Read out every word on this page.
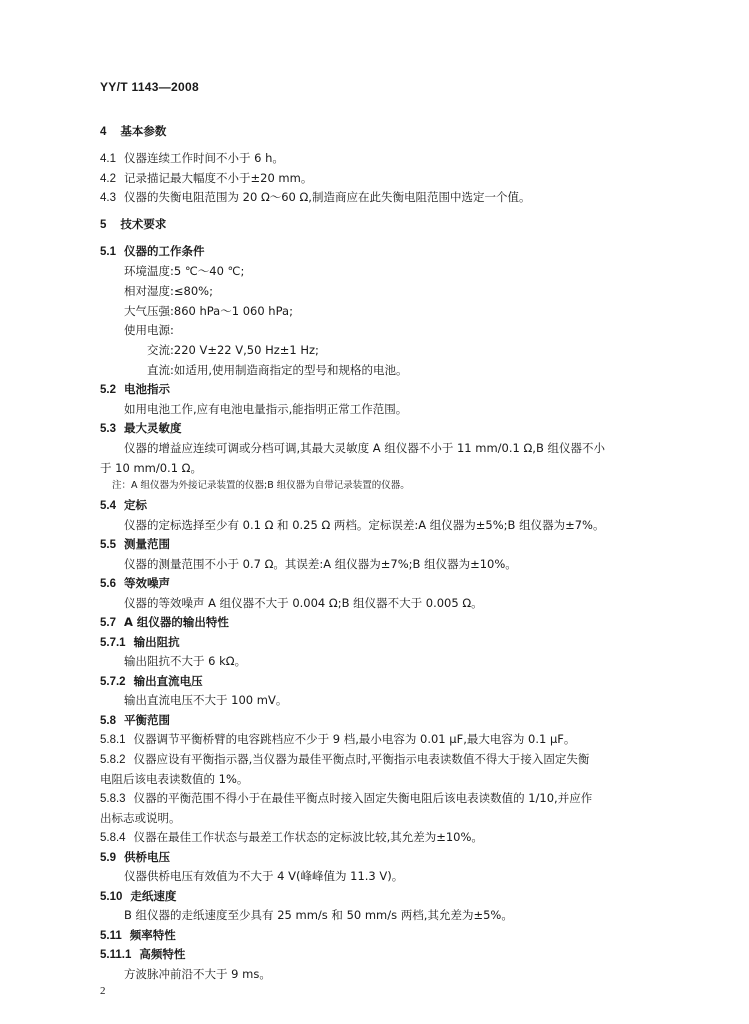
YY/T 1143—2008
4 基本参数
4.1 仪器连续工作时间不小于 6 h。
4.2 记录描记最大幅度不小于±20 mm。
4.3 仪器的失衡电阻范围为 20 Ω～60 Ω,制造商应在此失衡电阻范围中选定一个值。
5 技术要求
5.1 仪器的工作条件
环境温度:5 ℃～40 ℃;
相对湿度:≤80%;
大气压强:860 hPa～1 060 hPa;
使用电源:
交流:220 V±22 V,50 Hz±1 Hz;
直流:如适用,使用制造商指定的型号和规格的电池。
5.2 电池指示
如用电池工作,应有电池电量指示,能指明正常工作范围。
5.3 最大灵敏度
仪器的增益应连续可调或分档可调,其最大灵敏度 A 组仪器不小于 11 mm/0.1 Ω,B 组仪器不小
于 10 mm/0.1 Ω。
注：A 组仪器为外接记录装置的仪器;B 组仪器为自带记录装置的仪器。
5.4 定标
仪器的定标选择至少有 0.1 Ω 和 0.25 Ω 两档。定标误差:A 组仪器为±5%;B 组仪器为±7%。
5.5 测量范围
仪器的测量范围不小于 0.7 Ω。其误差:A 组仪器为±7%;B 组仪器为±10%。
5.6 等效噪声
仪器的等效噪声 A 组仪器不大于 0.004 Ω;B 组仪器不大于 0.005 Ω。
5.7 A 组仪器的输出特性
5.7.1 输出阻抗
输出阻抗不大于 6 kΩ。
5.7.2 输出直流电压
输出直流电压不大于 100 mV。
5.8 平衡范围
5.8.1 仪器调节平衡桥臂的电容跳档应不少于 9 档,最小电容为 0.01 μF,最大电容为 0.1 μF。
5.8.2 仪器应设有平衡指示器,当仪器为最佳平衡点时,平衡指示电表读数值不得大于接入固定失衡
电阻后该电表读数值的 1%。
5.8.3 仪器的平衡范围不得小于在最佳平衡点时接入固定失衡电阻后该电表读数值的 1/10,并应作
出标志或说明。
5.8.4 仪器在最佳工作状态与最差工作状态的定标波比较,其允差为±10%。
5.9 供桥电压
仪器供桥电压有效值为不大于 4 V(峰峰值为 11.3 V)。
5.10 走纸速度
B 组仪器的走纸速度至少具有 25 mm/s 和 50 mm/s 两档,其允差为±5%。
5.11 频率特性
5.11.1 高频特性
方波脉冲前沿不大于 9 ms。
2
